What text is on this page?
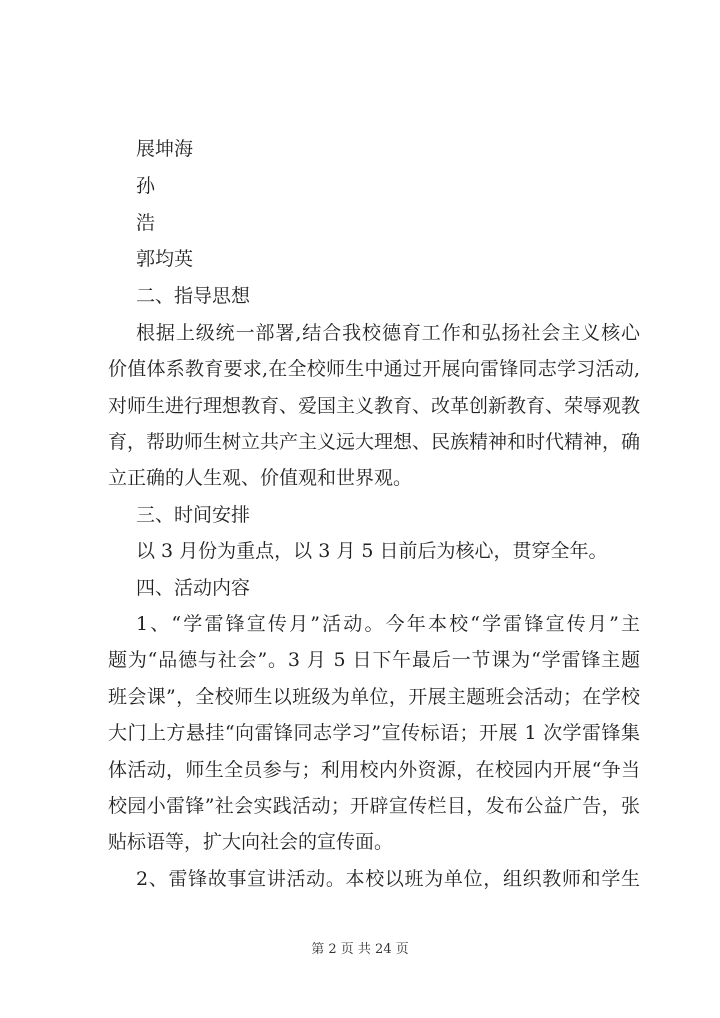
展坤海
孙
浩
郭均英
二、指导思想
根据上级统一部署,结合我校德育工作和弘扬社会主义核心
价值体系教育要求,在全校师生中通过开展向雷锋同志学习活动,
对师生进行理想教育、爱国主义教育、改革创新教育、荣辱观教
育，帮助师生树立共产主义远大理想、民族精神和时代精神，确
立正确的人生观、价值观和世界观。
三、时间安排
以 3 月份为重点，以 3 月 5 日前后为核心，贯穿全年。
四、活动内容
1、“学雷锋宣传月”活动。今年本校“学雷锋宣传月”主
题为“品德与社会”。3 月 5 日下午最后一节课为“学雷锋主题
班会课”，全校师生以班级为单位，开展主题班会活动；在学校
大门上方悬挂“向雷锋同志学习”宣传标语；开展 1 次学雷锋集
体活动，师生全员参与；利用校内外资源，在校园内开展“争当
校园小雷锋”社会实践活动；开辟宣传栏目，发布公益广告，张
贴标语等，扩大向社会的宣传面。
2、雷锋故事宣讲活动。本校以班为单位，组织教师和学生
第 2 页 共 24 页
